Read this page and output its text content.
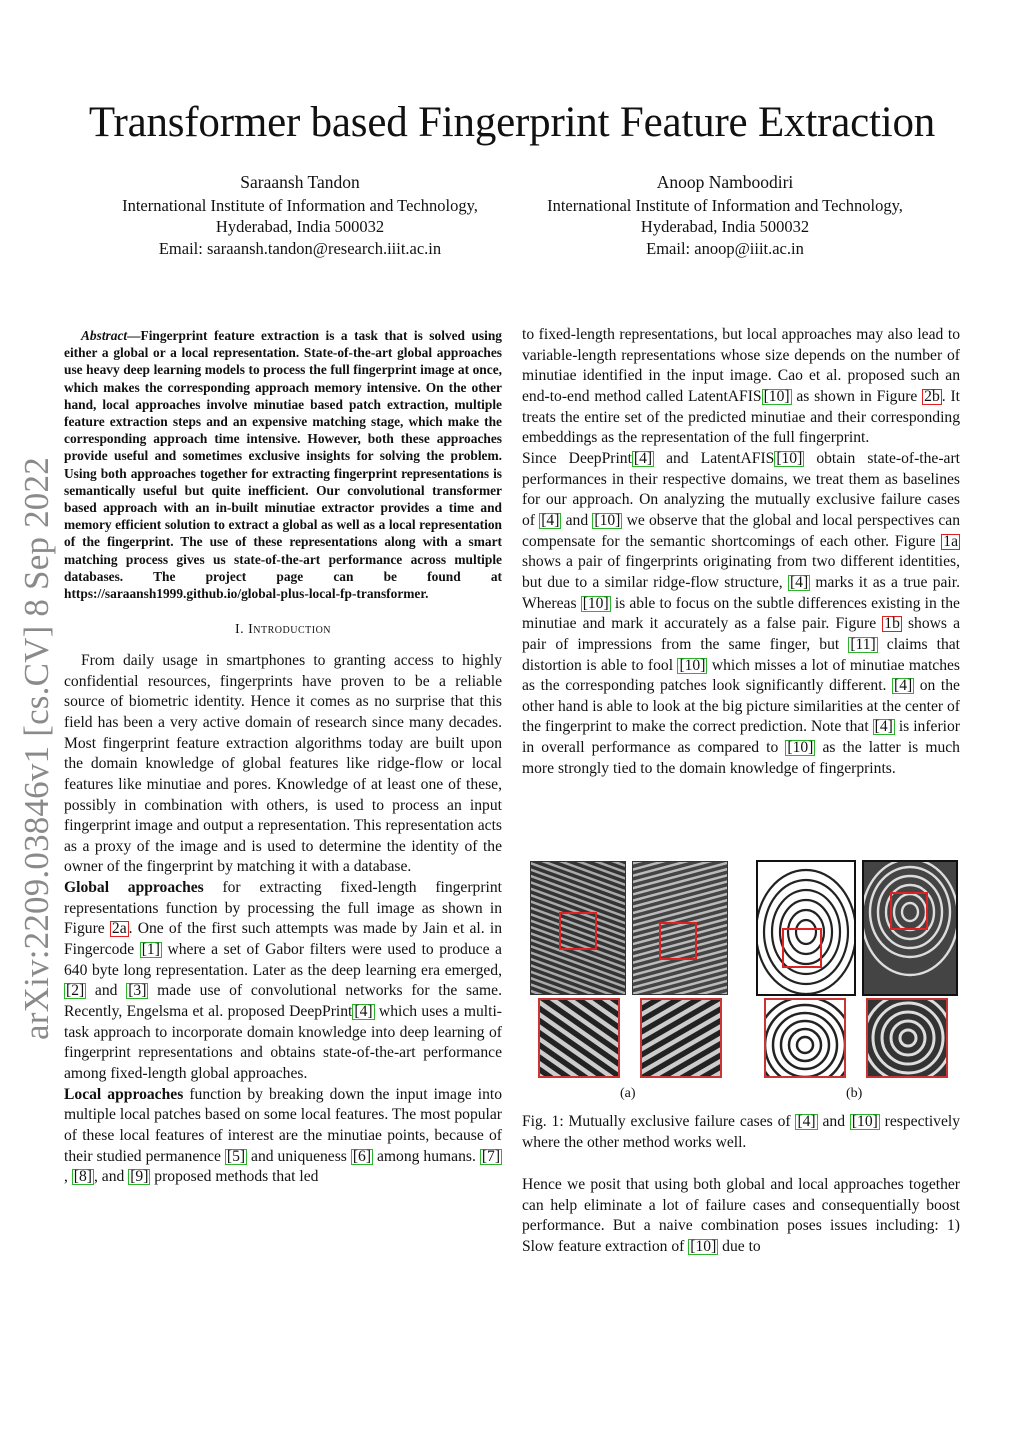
Transformer based Fingerprint Feature Extraction
Saraansh Tandon
International Institute of Information and Technology,
Hyderabad, India 500032
Email: saraansh.tandon@research.iiit.ac.in
Anoop Namboodiri
International Institute of Information and Technology,
Hyderabad, India 500032
Email: anoop@iiit.ac.in
arXiv:2209.03846v1 [cs.CV] 8 Sep 2022

Abstract—Fingerprint feature extraction is a task that is solved using either a global or a local representation. State-of-the-art global approaches use heavy deep learning models to process the full fingerprint image at once, which makes the corresponding approach memory intensive. On the other hand, local approaches involve minutiae based patch extraction, multiple feature extraction steps and an expensive matching stage, which make the corresponding approach time intensive. However, both these approaches provide useful and sometimes exclusive insights for solving the problem. Using both approaches together for extracting fingerprint representations is semantically useful but quite inefficient. Our convolutional transformer based approach with an in-built minutiae extractor provides a time and memory efficient solution to extract a global as well as a local representation of the fingerprint. The use of these representations along with a smart matching process gives us state-of-the-art performance across multiple databases. The project page can be found at https://saraansh1999.github.io/global-plus-local-fp-transformer.

I. Introduction

From daily usage in smartphones to granting access to highly confidential resources, fingerprints have proven to be a reliable source of biometric identity. Hence it comes as no surprise that this field has been a very active domain of research since many decades. Most fingerprint feature extraction algorithms today are built upon the domain knowledge of global features like ridge-flow or local features like minutiae and pores. Knowledge of at least one of these, possibly in combination with others, is used to process an input fingerprint image and output a representation. This representation acts as a proxy of the image and is used to determine the identity of the owner of the fingerprint by matching it with a database.

Global approaches for extracting fixed-length fingerprint representations function by processing the full image as shown in Figure 2a . One of the first such attempts was made by Jain et al. in Fingercode [1] where a set of Gabor filters were used to produce a 640 byte long representation. Later as the deep learning era emerged, [2] and [3] made use of convolutional networks for the same. Recently, Engelsma et al. proposed DeepPrint [4] which uses a multi-task approach to incorporate domain knowledge into deep learning of fingerprint representations and obtains state-of-the-art performance among fixed-length global approaches.

Local approaches function by breaking down the input image into multiple local patches based on some local features. The most popular of these local features of interest are the minutiae points, because of their studied permanence [5] and uniqueness [6] among humans. [7], [8] , and [9] proposed methods that led

to fixed-length representations, but local approaches may also lead to variable-length representations whose size depends on the number of minutiae identified in the input image. Cao et al. proposed such an end-to-end method called LatentAFIS [10] as shown in Figure 2b . It treats the entire set of the predicted minutiae and their corresponding embeddings as the representation of the full fingerprint.

Since DeepPrint [4] and LatentAFIS [10] obtain state-of-the-art performances in their respective domains, we treat them as baselines for our approach. On analyzing the mutually exclusive failure cases of [4] and [10] we observe that the global and local perspectives can compensate for the semantic shortcomings of each other. Figure 1a shows a pair of fingerprints originating from two different identities, but due to a similar ridge-flow structure, [4] marks it as a true pair. Whereas [10] is able to focus on the subtle differences existing in the minutiae and mark it accurately as a false pair. Figure 1b shows a pair of impressions from the same finger, but [11] claims that distortion is able to fool [10] which misses a lot of minutiae matches as the corresponding patches look significantly different. [4] on the other hand is able to look at the big picture similarities at the center of the fingerprint to make the correct prediction. Note that [4] is inferior in overall performance as compared to [10] as the latter is much more strongly tied to the domain knowledge of fingerprints.

(a)	(b)
Fig. 1: Mutually exclusive failure cases of [4] and [10] respectively where the other method works well.

Hence we posit that using both global and local approaches together can help eliminate a lot of failure cases and consequentially boost performance. But a naive combination poses issues including: 1) Slow feature extraction of [10] due to
